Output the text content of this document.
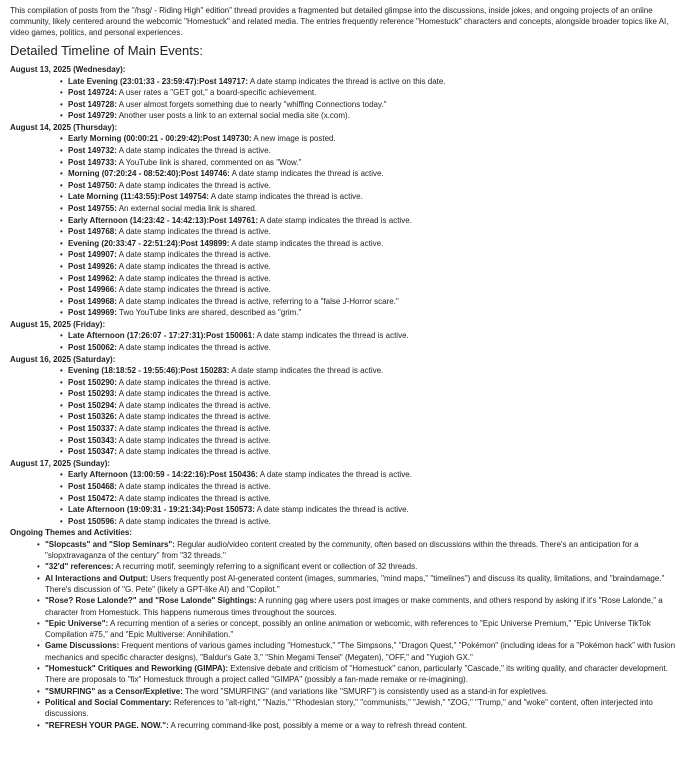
This compilation of posts from the "/hsg/ - Riding High" edition" thread provides a fragmented but detailed glimpse into the discussions, inside jokes, and ongoing projects of an online community, likely centered around the webcomic "Homestuck" and related media. The entries frequently reference "Homestuck" characters and concepts, alongside broader topics like AI, video games, politics, and personal experiences.

Detailed Timeline of Main Events:
August 13, 2025 (Wednesday):
• Late Evening (23:01:33 - 23:59:47):Post 149717: A date stamp indicates the thread is active on this date.
• Post 149724: A user rates a "GET got," a board-specific achievement.
• Post 149728: A user almost forgets something due to nearly "whiffing Connections today."
• Post 149729: Another user posts a link to an external social media site (x.com).
August 14, 2025 (Thursday):
• Early Morning (00:00:21 - 00:29:42):Post 149730: A new image is posted.
• Post 149732: A date stamp indicates the thread is active.
• Post 149733: A YouTube link is shared, commented on as "Wow."
• Morning (07:20:24 - 08:52:40):Post 149746: A date stamp indicates the thread is active.
• Post 149750: A date stamp indicates the thread is active.
• Late Morning (11:43:55):Post 149754: A date stamp indicates the thread is active.
• Post 149755: An external social media link is shared.
• Early Afternoon (14:23:42 - 14:42:13):Post 149761: A date stamp indicates the thread is active.
• Post 149768: A date stamp indicates the thread is active.
• Evening (20:33:47 - 22:51:24):Post 149899: A date stamp indicates the thread is active.
• Post 149907: A date stamp indicates the thread is active.
• Post 149926: A date stamp indicates the thread is active.
• Post 149962: A date stamp indicates the thread is active.
• Post 149966: A date stamp indicates the thread is active.
• Post 149968: A date stamp indicates the thread is active, referring to a "false J-Horror scare."
• Post 149969: Two YouTube links are shared, described as "grim."
August 15, 2025 (Friday):
• Late Afternoon (17:26:07 - 17:27:31):Post 150061: A date stamp indicates the thread is active.
• Post 150062: A date stamp indicates the thread is active.
August 16, 2025 (Saturday):
• Evening (18:18:52 - 19:55:46):Post 150283: A date stamp indicates the thread is active.
• Post 150290: A date stamp indicates the thread is active.
• Post 150293: A date stamp indicates the thread is active.
• Post 150294: A date stamp indicates the thread is active.
• Post 150326: A date stamp indicates the thread is active.
• Post 150337: A date stamp indicates the thread is active.
• Post 150343: A date stamp indicates the thread is active.
• Post 150347: A date stamp indicates the thread is active.
August 17, 2025 (Sunday):
• Early Afternoon (13:00:59 - 14:22:16):Post 150436: A date stamp indicates the thread is active.
• Post 150468: A date stamp indicates the thread is active.
• Post 150472: A date stamp indicates the thread is active.
• Late Afternoon (19:09:31 - 19:21:34):Post 150573: A date stamp indicates the thread is active.
• Post 150596: A date stamp indicates the thread is active.
Ongoing Themes and Activities:
• "Slopcasts" and "Slop Seminars": Regular audio/video content created by the community, often based on discussions within the threads. There's an anticipation for a "slopxtravaganza of the century" from "32 threads."
• "32'd" references: A recurring motif, seemingly referring to a significant event or collection of 32 threads.
• AI Interactions and Output: Users frequently post AI-generated content (images, summaries, "mind maps," "timelines") and discuss its quality, limitations, and "braindamage." There's discussion of "G. Pete" (likely a GPT-like AI) and "Copilot."
• "Rose? Rose Lalonde?" and "Rose Lalonde" Sightings: A running gag where users post images or make comments, and others respond by asking if it's "Rose Lalonde," a character from Homestuck. This happens numerous times throughout the sources.
• "Epic Universe": A recurring mention of a series or concept, possibly an online animation or webcomic, with references to "Epic Universe Premium," "Epic Universe TikTok Compilation #75," and "Epic Multiverse: Annihilation."
• Game Discussions: Frequent mentions of various games including "Homestuck," "The Simpsons," "Dragon Quest," "Pokémon" (including ideas for a "Pokémon hack" with fusion mechanics and specific character designs), "Baldur's Gate 3," "Shin Megami Tensei" (Megaten), "OFF," and "Yugioh GX."
• "Homestuck" Critiques and Reworking (GIMPA): Extensive debate and criticism of "Homestuck" canon, particularly "Cascade," its writing quality, and character development. There are proposals to "fix" Homestuck through a project called "GIMPA" (possibly a fan-made remake or re-imagining).
• "SMURFING" as a Censor/Expletive: The word "SMURFING" (and variations like "SMURF") is consistently used as a stand-in for expletives.
• Political and Social Commentary: References to "alt-right," "Nazis," "Rhodesian story," "communists," "Jewish," "ZOG," "Trump," and "woke" content, often interjected into discussions.
• "REFRESH YOUR PAGE. NOW.": A recurring command-like post, possibly a meme or a way to refresh thread content.
